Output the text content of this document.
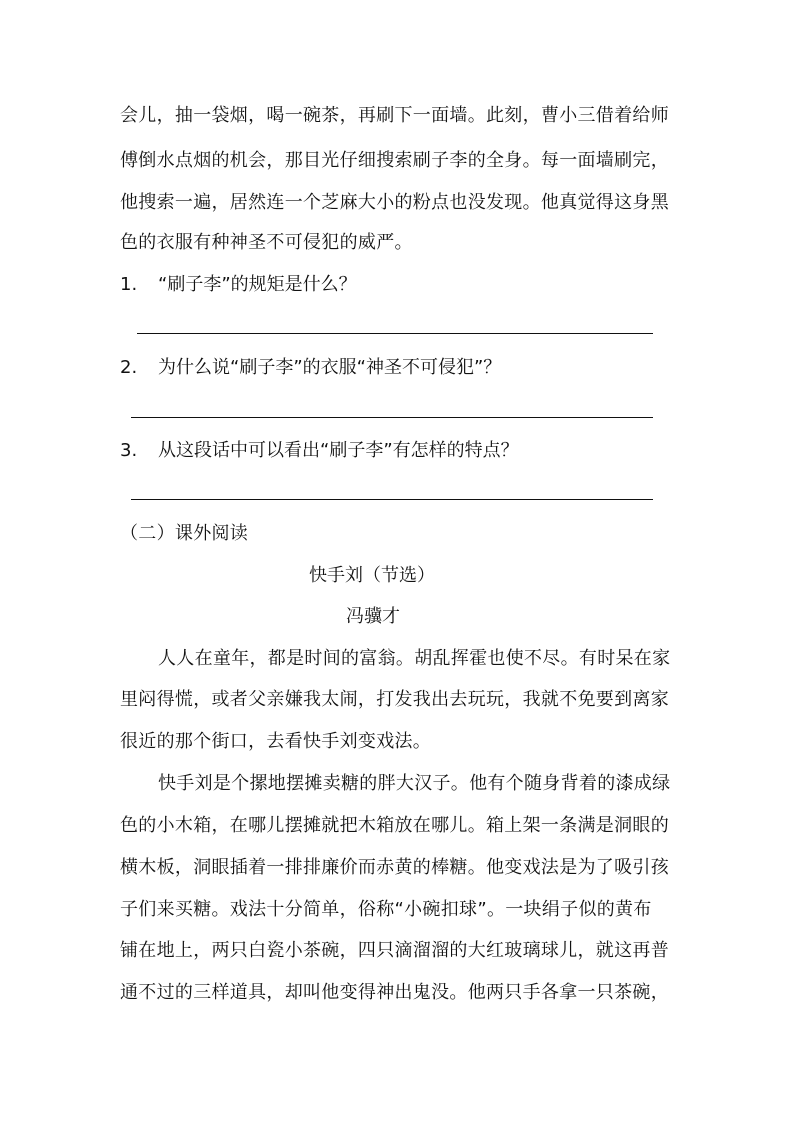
会儿，抽一袋烟，喝一碗茶，再刷下一面墙。此刻，曹小三借着给师
傅倒水点烟的机会，那目光仔细搜索刷子李的全身。每一面墙刷完，
他搜索一遍，居然连一个芝麻大小的粉点也没发现。他真觉得这身黑
色的衣服有种神圣不可侵犯的威严。
1. “刷子李”的规矩是什么？
2. 为什么说“刷子李”的衣服“神圣不可侵犯”？
3. 从这段话中可以看出“刷子李”有怎样的特点？
（二）课外阅读
快手刘（节选）
冯骥才
人人在童年，都是时间的富翁。胡乱挥霍也使不尽。有时呆在家
里闷得慌，或者父亲嫌我太闹，打发我出去玩玩，我就不免要到离家
很近的那个街口，去看快手刘变戏法。
快手刘是个摞地摆摊卖糖的胖大汉子。他有个随身背着的漆成绿
色的小木箱，在哪儿摆摊就把木箱放在哪儿。箱上架一条满是洞眼的
横木板，洞眼插着一排排廉价而赤黄的棒糖。他变戏法是为了吸引孩
子们来买糖。戏法十分简单，俗称“小碗扣球”。一块绢子似的黄布
铺在地上，两只白瓷小茶碗，四只滴溜溜的大红玻璃球儿，就这再普
通不过的三样道具，却叫他变得神出鬼没。他两只手各拿一只茶碗，
